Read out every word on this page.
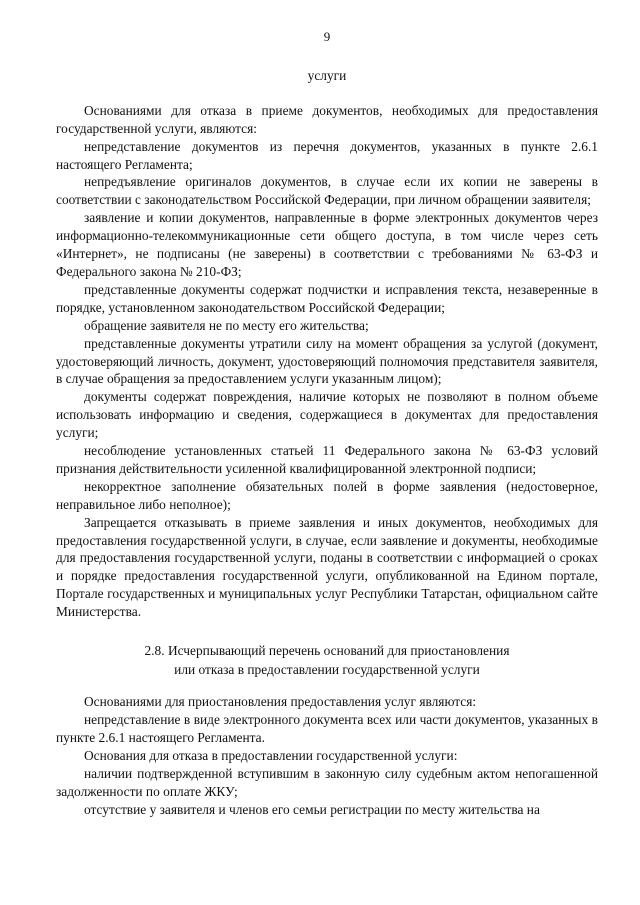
9
услуги

Основаниями для отказа в приеме документов, необходимых для предоставления государственной услуги, являются:

непредставление документов из перечня документов, указанных в пункте 2.6.1 настоящего Регламента;

непредъявление оригиналов документов, в случае если их копии не заверены в соответствии с законодательством Российской Федерации, при личном обращении заявителя;

заявление и копии документов, направленные в форме электронных документов через информационно-телекоммуникационные сети общего доступа, в том числе через сеть «Интернет», не подписаны (не заверены) в соответствии с требованиями № 63-ФЗ и Федерального закона № 210-ФЗ;

представленные документы содержат подчистки и исправления текста, незаверенные в порядке, установленном законодательством Российской Федерации;

обращение заявителя не по месту его жительства;

представленные документы утратили силу на момент обращения за услугой (документ, удостоверяющий личность, документ, удостоверяющий полномочия представителя заявителя, в случае обращения за предоставлением услуги указанным лицом);

документы содержат повреждения, наличие которых не позволяют в полном объеме использовать информацию и сведения, содержащиеся в документах для предоставления услуги;

несоблюдение установленных статьей 11 Федерального закона № 63-ФЗ условий признания действительности усиленной квалифицированной электронной подписи;

некорректное заполнение обязательных полей в форме заявления (недостоверное, неправильное либо неполное);

Запрещается отказывать в приеме заявления и иных документов, необходимых для предоставления государственной услуги, в случае, если заявление и документы, необходимые для предоставления государственной услуги, поданы в соответствии с информацией о сроках и порядке предоставления государственной услуги, опубликованной на Едином портале, Портале государственных и муниципальных услуг Республики Татарстан, официальном сайте Министерства.

2.8. Исчерпывающий перечень оснований для приостановления
или отказа в предоставлении государственной услуги

Основаниями для приостановления предоставления услуг являются:

непредставление в виде электронного документа всех или части документов, указанных в пункте 2.6.1 настоящего Регламента.

Основания для отказа в предоставлении государственной услуги:

наличии подтвержденной вступившим в законную силу судебным актом непогашенной задолженности по оплате ЖКУ;

отсутствие у заявителя и членов его семьи регистрации по месту жительства на
